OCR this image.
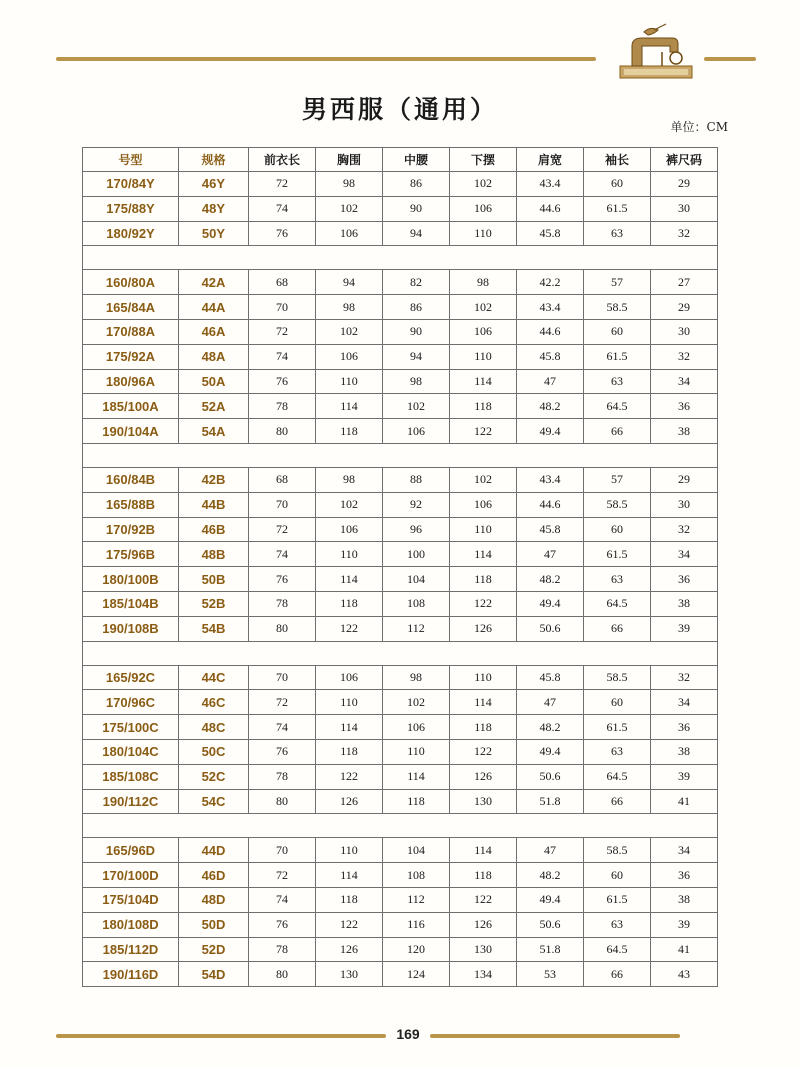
男西服（通用）
单位：CM
号型	规格	前衣长	胸围	中腰	下摆	肩宽	袖长	裤尺码
170/84Y	46Y	72	98	86	102	43.4	60	29
175/88Y	48Y	74	102	90	106	44.6	61.5	30
180/92Y	50Y	76	106	94	110	45.8	63	32

160/80A	42A	68	94	82	98	42.2	57	27
165/84A	44A	70	98	86	102	43.4	58.5	29
170/88A	46A	72	102	90	106	44.6	60	30
175/92A	48A	74	106	94	110	45.8	61.5	32
180/96A	50A	76	110	98	114	47	63	34
185/100A	52A	78	114	102	118	48.2	64.5	36
190/104A	54A	80	118	106	122	49.4	66	38

160/84B	42B	68	98	88	102	43.4	57	29
165/88B	44B	70	102	92	106	44.6	58.5	30
170/92B	46B	72	106	96	110	45.8	60	32
175/96B	48B	74	110	100	114	47	61.5	34
180/100B	50B	76	114	104	118	48.2	63	36
185/104B	52B	78	118	108	122	49.4	64.5	38
190/108B	54B	80	122	112	126	50.6	66	39

165/92C	44C	70	106	98	110	45.8	58.5	32
170/96C	46C	72	110	102	114	47	60	34
175/100C	48C	74	114	106	118	48.2	61.5	36
180/104C	50C	76	118	110	122	49.4	63	38
185/108C	52C	78	122	114	126	50.6	64.5	39
190/112C	54C	80	126	118	130	51.8	66	41

165/96D	44D	70	110	104	114	47	58.5	34
170/100D	46D	72	114	108	118	48.2	60	36
175/104D	48D	74	118	112	122	49.4	61.5	38
180/108D	50D	76	122	116	126	50.6	63	39
185/112D	52D	78	126	120	130	51.8	64.5	41
190/116D	54D	80	130	124	134	53	66	43
169
